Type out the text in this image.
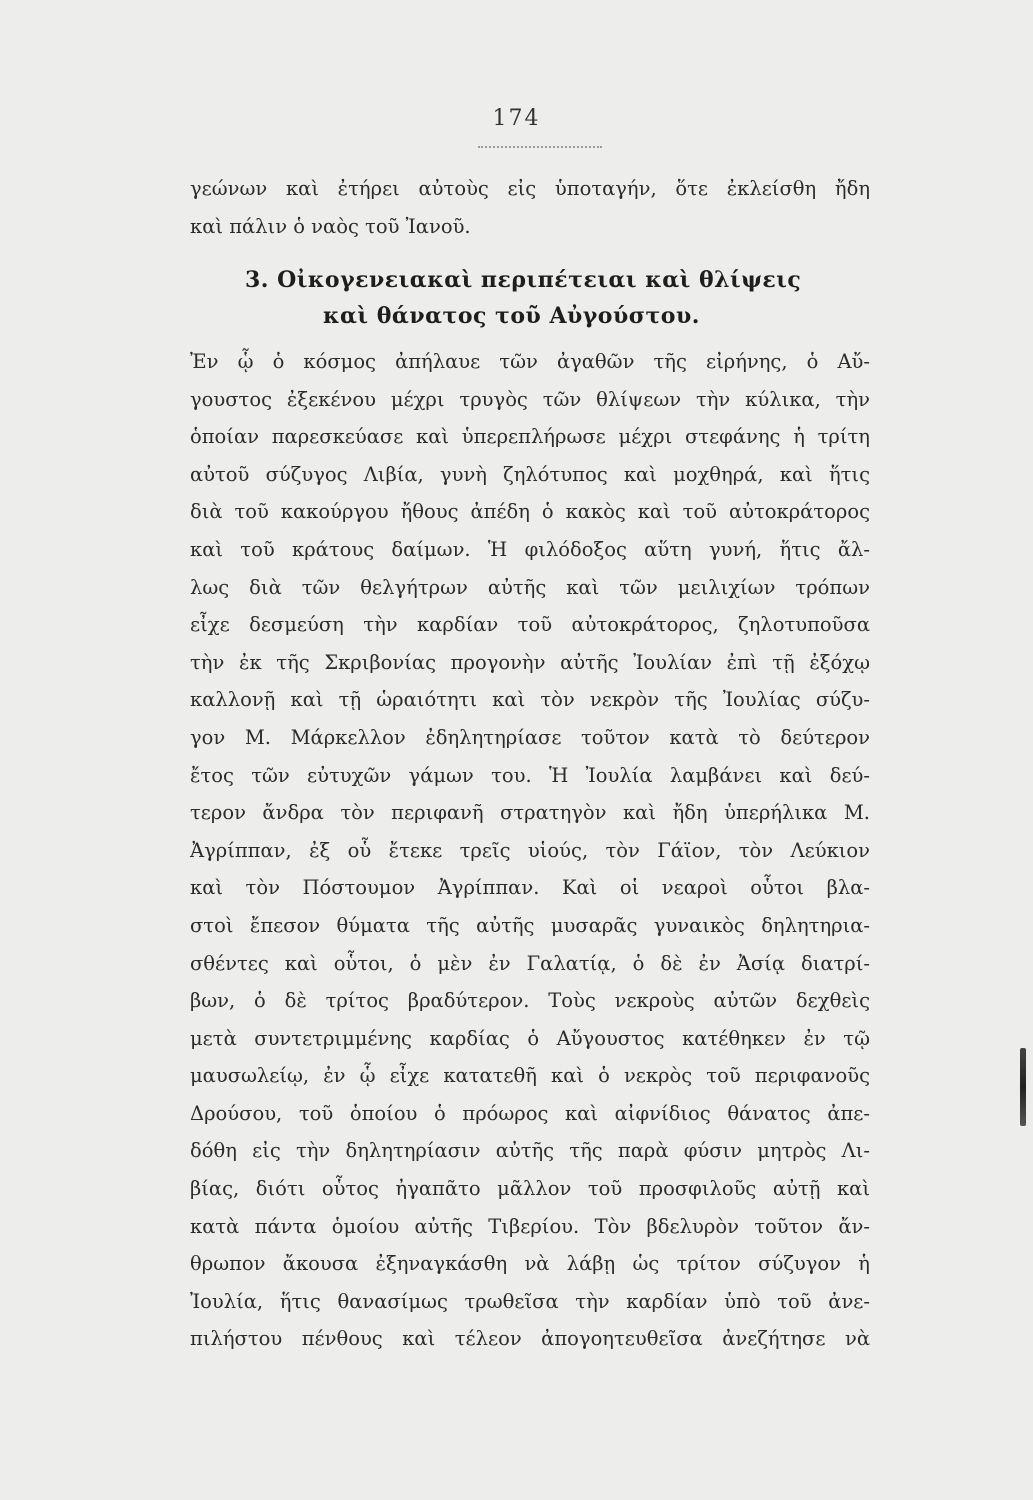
174
γεώνων καὶ ἐτήρει αὐτοὺς εἰς ὑποταγήν, ὅτε ἐκλείσθη ἤδη
καὶ πάλιν ὁ ναὸς τοῦ Ἰανοῦ.
3. Οἰκογενειακαὶ περιπέτειαι καὶ θλίψεις
καὶ θάνατος τοῦ Αὐγούστου.
Ἐν ᾧ ὁ κόσμος ἀπήλαυε τῶν ἀγαθῶν τῆς εἰρήνης, ὁ Αὔ-
γουστος ἐξεκένου μέχρι τρυγὸς τῶν θλίψεων τὴν κύλικα, τὴν
ὁποίαν παρεσκεύασε καὶ ὑπερεπλήρωσε μέχρι στεφάνης ἡ τρίτη
αὐτοῦ σύζυγος Λιβία, γυνὴ ζηλότυπος καὶ μοχθηρά, καὶ ἥτις
διὰ τοῦ κακούργου ἤθους ἀπέδη ὁ κακὸς καὶ τοῦ αὐτοκράτορος
καὶ τοῦ κράτους δαίμων. Ἡ φιλόδοξος αὕτη γυνή, ἥτις ἄλ-
λως διὰ τῶν θελγήτρων αὐτῆς καὶ τῶν μειλιχίων τρόπων
εἶχε δεσμεύση τὴν καρδίαν τοῦ αὐτοκράτορος, ζηλοτυποῦσα
τὴν ἐκ τῆς Σκριβονίας προγονὴν αὐτῆς Ἰουλίαν ἐπὶ τῇ ἐξόχῳ
καλλονῇ καὶ τῇ ὡραιότητι καὶ τὸν νεκρὸν τῆς Ἰουλίας σύζυ-
γον Μ. Μάρκελλον ἐδηλητηρίασε τοῦτον κατὰ τὸ δεύτερον
ἔτος τῶν εὐτυχῶν γάμων του. Ἡ Ἰουλία λαμβάνει καὶ δεύ-
τερον ἄνδρα τὸν περιφανῆ στρατηγὸν καὶ ἤδη ὑπερήλικα Μ.
Ἀγρίππαν, ἐξ οὗ ἔτεκε τρεῖς υἱούς, τὸν Γάϊον, τὸν Λεύκιον
καὶ τὸν Πόστουμον Ἀγρίππαν. Καὶ οἱ νεαροὶ οὗτοι βλα-
στοὶ ἔπεσον θύματα τῆς αὐτῆς μυσαρᾶς γυναικὸς δηλητηρια-
σθέντες καὶ οὗτοι, ὁ μὲν ἐν Γαλατίᾳ, ὁ δὲ ἐν Ἀσίᾳ διατρί-
βων, ὁ δὲ τρίτος βραδύτερον. Τοὺς νεκροὺς αὐτῶν δεχθεὶς
μετὰ συντετριμμένης καρδίας ὁ Αὔγουστος κατέθηκεν ἐν τῷ
μαυσωλείῳ, ἐν ᾧ εἶχε κατατεθῆ καὶ ὁ νεκρὸς τοῦ περιφανοῦς
Δρούσου, τοῦ ὁποίου ὁ πρόωρος καὶ αἰφνίδιος θάνατος ἀπε-
δόθη εἰς τὴν δηλητηρίασιν αὐτῆς τῆς παρὰ φύσιν μητρὸς Λι-
βίας, διότι οὗτος ἠγαπᾶτο μᾶλλον τοῦ προσφιλοῦς αὐτῇ καὶ
κατὰ πάντα ὁμοίου αὐτῆς Τιβερίου. Τὸν βδελυρὸν τοῦτον ἄν-
θρωπον ἄκουσα ἐξηναγκάσθη νὰ λάβῃ ὡς τρίτον σύζυγον ἡ
Ἰουλία, ἥτις θανασίμως τρωθεῖσα τὴν καρδίαν ὑπὸ τοῦ ἀνε-
πιλήστου πένθους καὶ τέλεον ἀπογοητευθεῖσα ἀνεζήτησε νὰ
